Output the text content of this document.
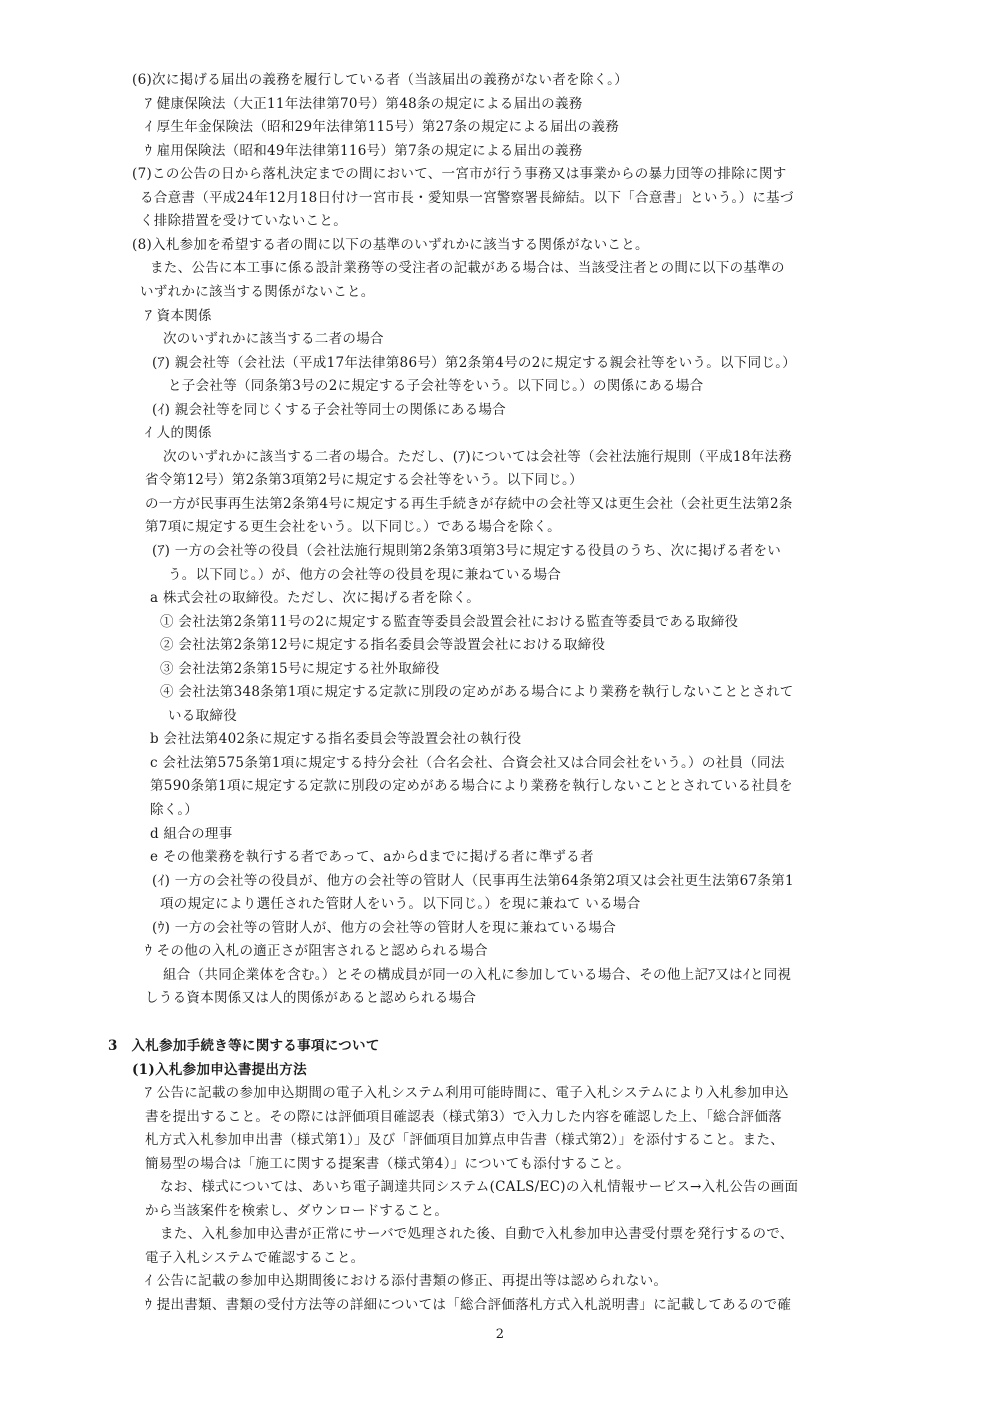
(6)次に掲げる届出の義務を履行している者（当該届出の義務がない者を除く。）
ｱ 健康保険法（大正11年法律第70号）第48条の規定による届出の義務
ｲ 厚生年金保険法（昭和29年法律第115号）第27条の規定による届出の義務
ｳ 雇用保険法（昭和49年法律第116号）第7条の規定による届出の義務
(7)この公告の日から落札決定までの間において、一宮市が行う事務又は事業からの暴力団等の排除に関す
る合意書（平成24年12月18日付け一宮市長・愛知県一宮警察署長締結。以下「合意書」という。）に基づ
く排除措置を受けていないこと。
(8)入札参加を希望する者の間に以下の基準のいずれかに該当する関係がないこと。
また、公告に本工事に係る設計業務等の受注者の記載がある場合は、当該受注者との間に以下の基準の
いずれかに該当する関係がないこと。
ｱ 資本関係
次のいずれかに該当する二者の場合
(ｱ) 親会社等（会社法（平成17年法律第86号）第2条第4号の2に規定する親会社等をいう。以下同じ。）
と子会社等（同条第3号の2に規定する子会社等をいう。以下同じ。）の関係にある場合
(ｲ) 親会社等を同じくする子会社等同士の関係にある場合
ｲ 人的関係
次のいずれかに該当する二者の場合。ただし、(ｱ)については会社等（会社法施行規則（平成18年法務
省令第12号）第2条第3項第2号に規定する会社等をいう。以下同じ。）
の一方が民事再生法第2条第4号に規定する再生手続きが存続中の会社等又は更生会社（会社更生法第2条
第7項に規定する更生会社をいう。以下同じ。）である場合を除く。
(ｱ) 一方の会社等の役員（会社法施行規則第2条第3項第3号に規定する役員のうち、次に掲げる者をい
う。以下同じ。）が、他方の会社等の役員を現に兼ねている場合
a 株式会社の取締役。ただし、次に掲げる者を除く。
① 会社法第2条第11号の2に規定する監査等委員会設置会社における監査等委員である取締役
② 会社法第2条第12号に規定する指名委員会等設置会社における取締役
③ 会社法第2条第15号に規定する社外取締役
④ 会社法第348条第1項に規定する定款に別段の定めがある場合により業務を執行しないこととされて
いる取締役
b 会社法第402条に規定する指名委員会等設置会社の執行役
c 会社法第575条第1項に規定する持分会社（合名会社、合資会社又は合同会社をいう。）の社員（同法
第590条第1項に規定する定款に別段の定めがある場合により業務を執行しないこととされている社員を
除く。）
d 組合の理事
e その他業務を執行する者であって、aからdまでに掲げる者に準ずる者
(ｲ) 一方の会社等の役員が、他方の会社等の管財人（民事再生法第64条第2項又は会社更生法第67条第1
項の規定により選任された管財人をいう。以下同じ。）を現に兼ねて いる場合
(ｳ) 一方の会社等の管財人が、他方の会社等の管財人を現に兼ねている場合
ｳ その他の入札の適正さが阻害されると認められる場合
組合（共同企業体を含む。）とその構成員が同一の入札に参加している場合、その他上記ｱ又はｲと同視
しうる資本関係又は人的関係があると認められる場合
3　入札参加手続き等に関する事項について
(1)入札参加申込書提出方法
ｱ 公告に記載の参加申込期間の電子入札システム利用可能時間に、電子入札システムにより入札参加申込
書を提出すること。その際には評価項目確認表（様式第3）で入力した内容を確認した上、「総合評価落
札方式入札参加申出書（様式第1）」及び「評価項目加算点申告書（様式第2）」を添付すること。また、
簡易型の場合は「施工に関する提案書（様式第4）」についても添付すること。
なお、様式については、あいち電子調達共同システム(CALS/EC)の入札情報サービス→入札公告の画面
から当該案件を検索し、ダウンロードすること。
また、入札参加申込書が正常にサーバで処理された後、自動で入札参加申込書受付票を発行するので、
電子入札システムで確認すること。
ｲ 公告に記載の参加申込期間後における添付書類の修正、再提出等は認められない。
ｳ 提出書類、書類の受付方法等の詳細については「総合評価落札方式入札説明書」に記載してあるので確
2
